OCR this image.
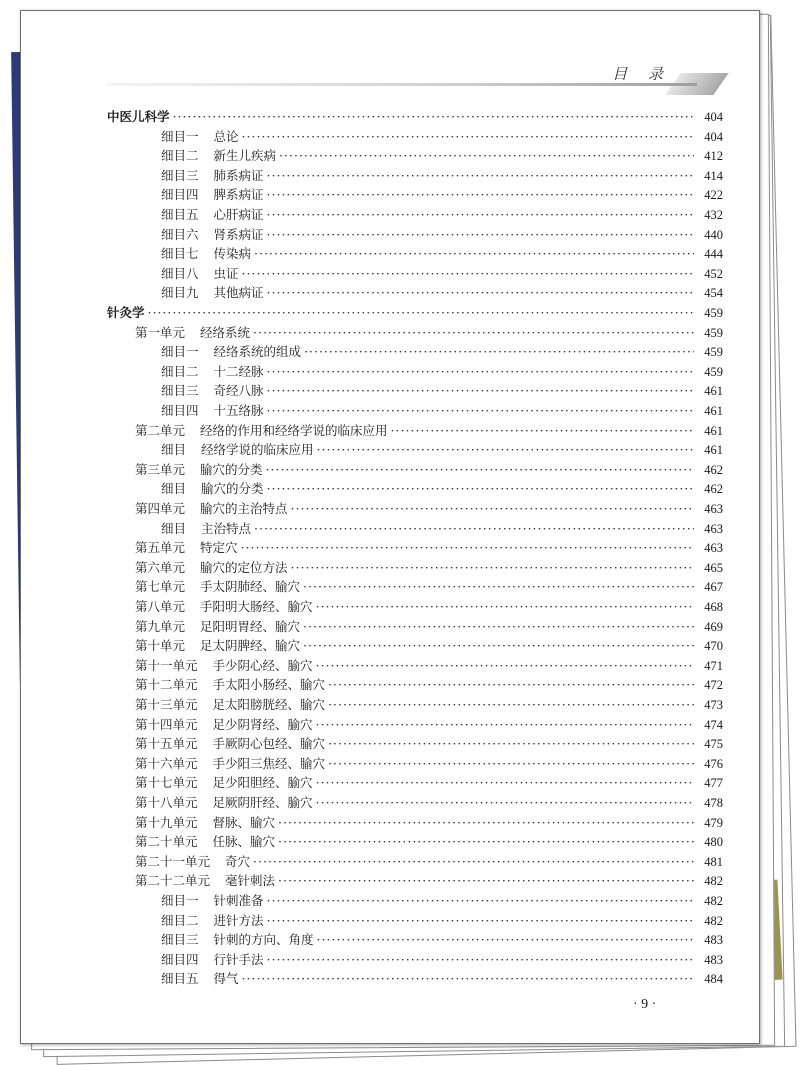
目 录
中医儿科学 ·····	404
细目一 总论 ·····	404
细目二 新生儿疾病 ·····	412
细目三 肺系病证 ·····	414
细目四 脾系病证 ·····	422
细目五 心肝病证 ·····	432
细目六 肾系病证 ·····	440
细目七 传染病 ·····	444
细目八 虫证 ·····	452
细目九 其他病证 ·····	454
针灸学 ·····	459
第一单元 经络系统 ·····	459
细目一 经络系统的组成 ·····	459
细目二 十二经脉 ·····	459
细目三 奇经八脉 ·····	461
细目四 十五络脉 ·····	461
第二单元 经络的作用和经络学说的临床应用 ·····	461
细目 经络学说的临床应用 ·····	461
第三单元 腧穴的分类 ·····	462
细目 腧穴的分类 ·····	462
第四单元 腧穴的主治特点 ·····	463
细目 主治特点 ·····	463
第五单元 特定穴 ·····	463
第六单元 腧穴的定位方法 ·····	465
第七单元 手太阴肺经、腧穴 ·····	467
第八单元 手阳明大肠经、腧穴 ·····	468
第九单元 足阳明胃经、腧穴 ·····	469
第十单元 足太阴脾经、腧穴 ·····	470
第十一单元 手少阴心经、腧穴 ·····	471
第十二单元 手太阳小肠经、腧穴 ·····	472
第十三单元 足太阳膀胱经、腧穴 ·····	473
第十四单元 足少阴肾经、腧穴 ·····	474
第十五单元 手厥阴心包经、腧穴 ·····	475
第十六单元 手少阳三焦经、腧穴 ·····	476
第十七单元 足少阳胆经、腧穴 ·····	477
第十八单元 足厥阴肝经、腧穴 ·····	478
第十九单元 督脉、腧穴 ·····	479
第二十单元 任脉、腧穴 ·····	480
第二十一单元 奇穴 ·····	481
第二十二单元 毫针刺法 ·····	482
细目一 针刺准备 ·····	482
细目二 进针方法 ·····	482
细目三 针刺的方向、角度 ·····	483
细目四 行针手法 ·····	483
细目五 得气 ·····	484
· 9 ·
